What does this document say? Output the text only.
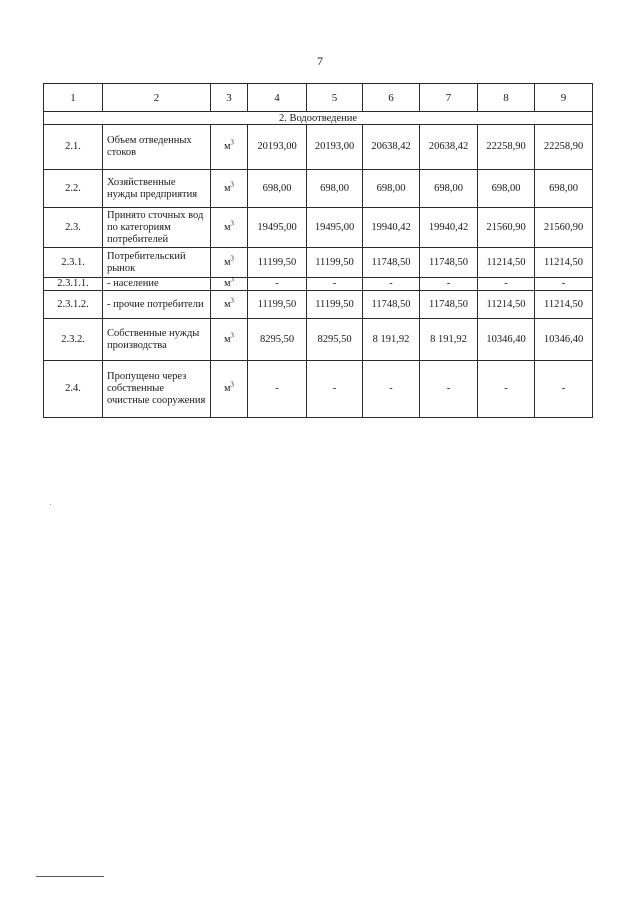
7
1	2	3	4	5	6	7	8	9
2. Водоотведение								
2.1.	Объем отведенных стоков	$м^3$	20193,00	20193,00	20638,42	20638,42	22258,90	22258,90
2.2.	Хозяйственные нужды предприятия	$м^3$	698,00	698,00	698,00	698,00	698,00	698,00
2.3.	Принято сточных вод по категориям потребителей	$м^3$	19495,00	19495,00	19940,42	19940,42	21560,90	21560,90
2.3.1.	Потребительский рынок	$м^3$	11199,50	11199,50	11748,50	11748,50	11214,50	11214,50
2.3.1.1.	- население	$м^3$	-	-	-	-	-	-
2.3.1.2.	- прочие потребители	$м^3$	11199,50	11199,50	11748,50	11748,50	11214,50	11214,50
2.3.2.	Собственные нужды производства	$м^3$	8295,50	8295,50	8 191,92	8 191,92	10346,40	10346,40
2.4.	Пропущено через собственные очистные сооружения	$м^3$	-	-	-	-	-	-
